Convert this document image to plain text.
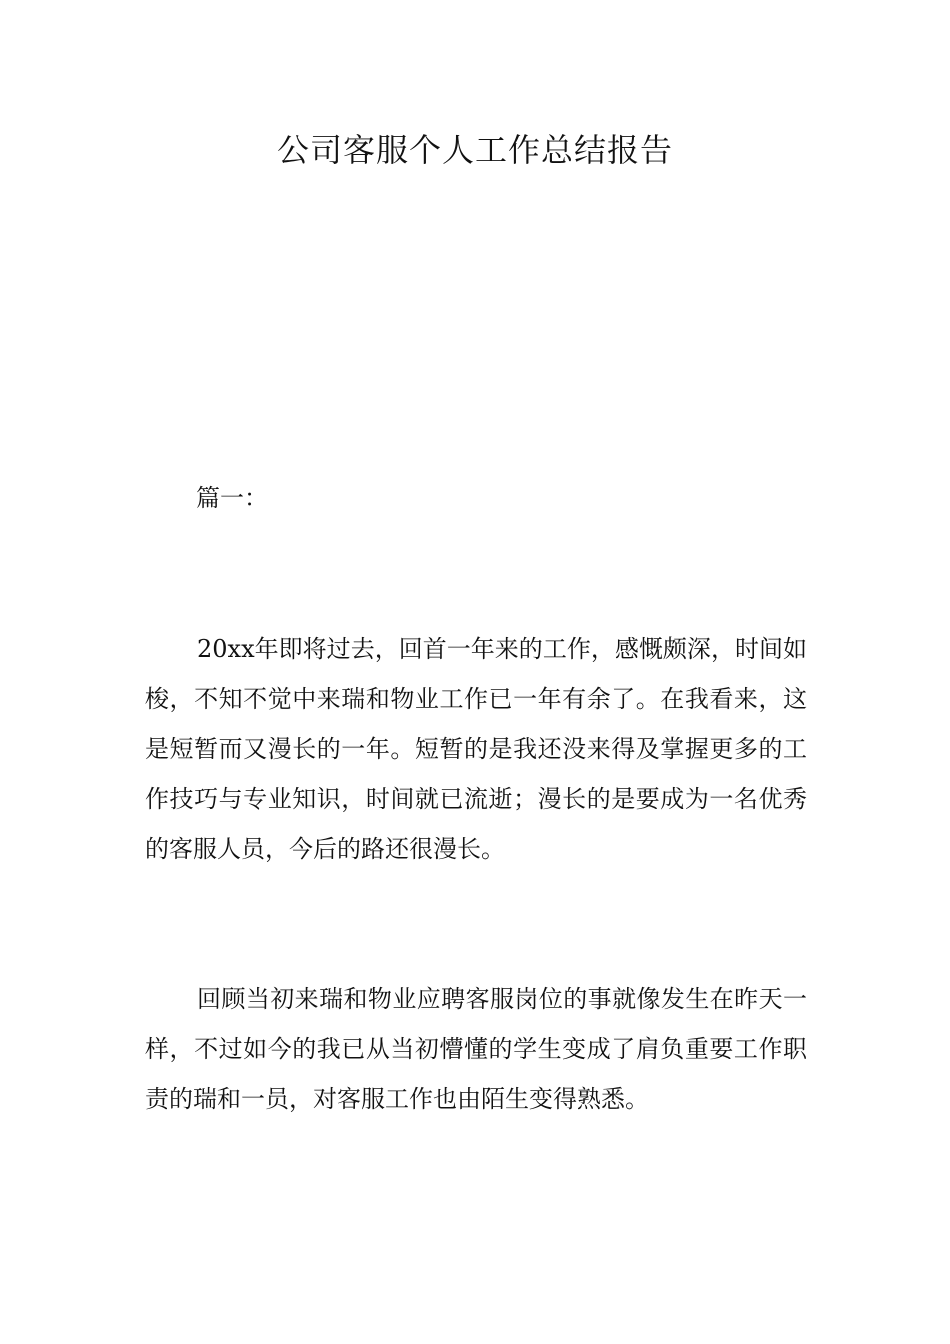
公司客服个人工作总结报告

篇一：

20xx年即将过去，回首一年来的工作，感慨颇深，时间如梭，不知不觉中来瑞和物业工作已一年有余了。在我看来，这是短暂而又漫长的一年。短暂的是我还没来得及掌握更多的工作技巧与专业知识，时间就已流逝；漫长的是要成为一名优秀的客服人员，今后的路还很漫长。

回顾当初来瑞和物业应聘客服岗位的事就像发生在昨天一样，不过如今的我已从当初懵懂的学生变成了肩负重要工作职责的瑞和一员，对客服工作也由陌生变得熟悉。
